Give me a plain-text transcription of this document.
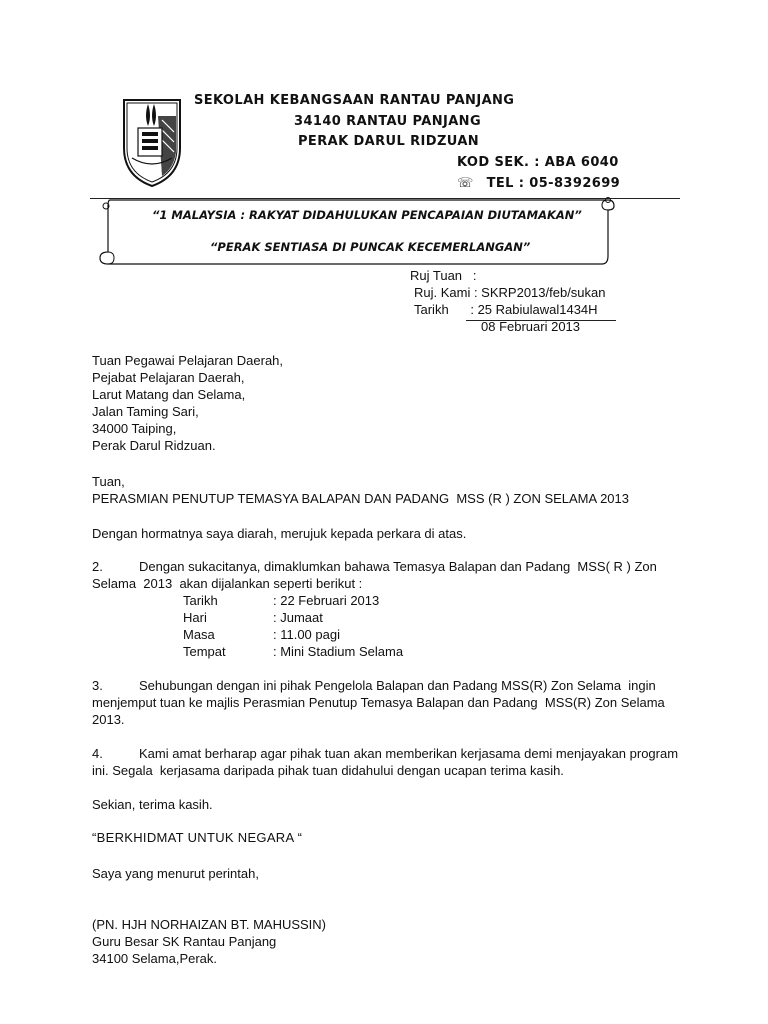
SEKOLAH KEBANGSAAN RANTAU PANJANG
34140 RANTAU PANJANG
PERAK DARUL RIDZUAN
KOD SEK. : ABA 6040
☏ TEL : 05-8392699
“1 MALAYSIA : RAKYAT DIDAHULUKAN PENCAPAIAN DIUTAMAKAN”
“PERAK SENTIASA DI PUNCAK KECEMERLANGAN”
Ruj Tuan   :
Ruj. Kami : SKRP2013/feb/sukan
Tarikh      : 25 Rabiulawal1434H
08 Februari 2013
Tuan Pegawai Pelajaran Daerah,
Pejabat Pelajaran Daerah,
Larut Matang dan Selama,
Jalan Taming Sari,
34000 Taiping,
Perak Darul Ridzuan.
Tuan,
PERASMIAN PENUTUP TEMASYA BALAPAN DAN PADANG  MSS (R ) ZON SELAMA 2013
Dengan hormatnya saya diarah, merujuk kepada perkara di atas.
2.	Dengan sukacitanya, dimaklumkan bahawa Temasya Balapan dan Padang  MSS( R ) Zon
Selama  2013  akan dijalankan seperti berikut :
Tarikh	: 22 Februari 2013
Hari	: Jumaat
Masa	: 11.00 pagi
Tempat	: Mini Stadium Selama
3.	Sehubungan dengan ini pihak Pengelola Balapan dan Padang MSS(R) Zon Selama  ingin
menjemput tuan ke majlis Perasmian Penutup Temasya Balapan dan Padang  MSS(R) Zon Selama
2013.
4.	Kami amat berharap agar pihak tuan akan memberikan kerjasama demi menjayakan program
ini. Segala  kerjasama daripada pihak tuan didahului dengan ucapan terima kasih.
Sekian, terima kasih.
“BERKHIDMAT UNTUK NEGARA “
Saya yang menurut perintah,
(PN. HJH NORHAIZAN BT. MAHUSSIN)
Guru Besar SK Rantau Panjang
34100 Selama,Perak.
